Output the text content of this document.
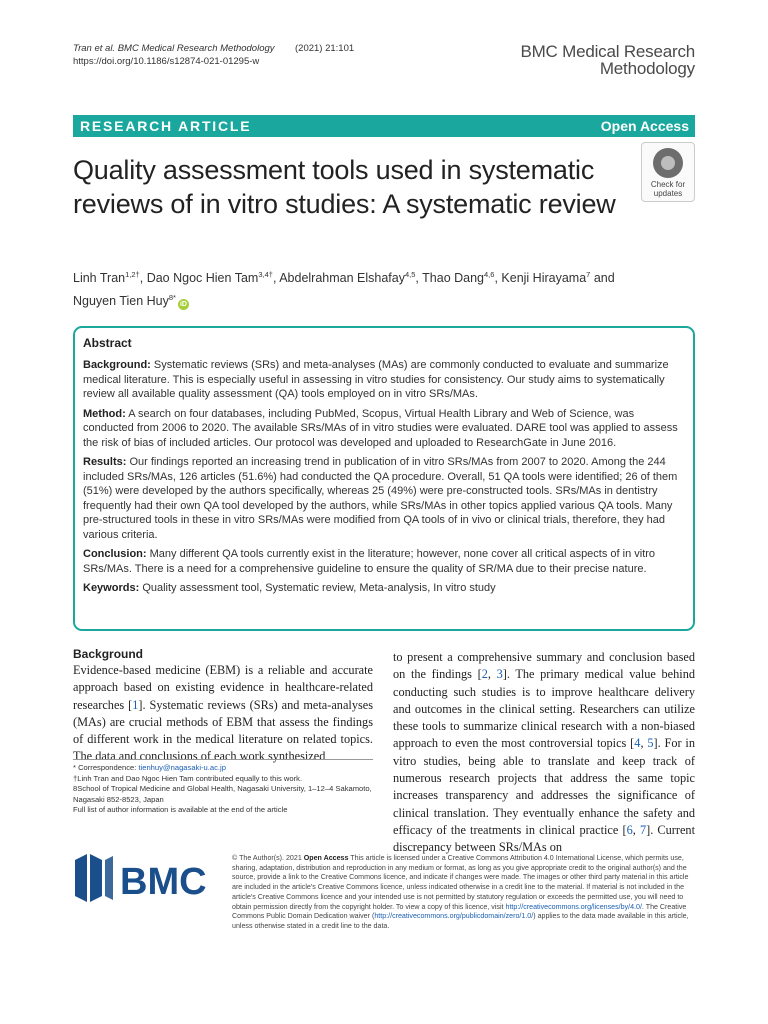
Tran et al. BMC Medical Research Methodology (2021) 21:101
https://doi.org/10.1186/s12874-021-01295-w
BMC Medical Research
Methodology
RESEARCH ARTICLE	Open Access
Quality assessment tools used in systematic reviews of in vitro studies: A systematic review
Check for
updates
Linh Tran$^{1,2\dagger}$, Dao Ngoc Hien Tam$^{3,4\dagger}$, Abdelrahman Elshafay$^{4,5}$, Thao Dang$^{4,6}$, Kenji Hirayama$^7$ and
Nguyen Tien Huy$^{8*}$iD
Abstract

Background: Systematic reviews (SRs) and meta-analyses (MAs) are commonly conducted to evaluate and summarize medical literature. This is especially useful in assessing in vitro studies for consistency. Our study aims to systematically review all available quality assessment (QA) tools employed on in vitro SRs/MAs.

Method: A search on four databases, including PubMed, Scopus, Virtual Health Library and Web of Science, was conducted from 2006 to 2020. The available SRs/MAs of in vitro studies were evaluated. DARE tool was applied to assess the risk of bias of included articles. Our protocol was developed and uploaded to ResearchGate in June 2016.

Results: Our findings reported an increasing trend in publication of in vitro SRs/MAs from 2007 to 2020. Among the 244 included SRs/MAs, 126 articles (51.6%) had conducted the QA procedure. Overall, 51 QA tools were identified; 26 of them (51%) were developed by the authors specifically, whereas 25 (49%) were pre-constructed tools. SRs/MAs in dentistry frequently had their own QA tool developed by the authors, while SRs/MAs in other topics applied various QA tools. Many pre-structured tools in these in vitro SRs/MAs were modified from QA tools of in vivo or clinical trials, therefore, they had various criteria.

Conclusion: Many different QA tools currently exist in the literature; however, none cover all critical aspects of in vitro SRs/MAs. There is a need for a comprehensive guideline to ensure the quality of SR/MA due to their precise nature.

Keywords: Quality assessment tool, Systematic review, Meta-analysis, In vitro study

Background

Evidence-based medicine (EBM) is a reliable and accurate approach based on existing evidence in healthcare-related researches [1]. Systematic reviews (SRs) and meta-analyses (MAs) are crucial methods of EBM that assess the findings of different work in the medical literature on related topics. The data and conclusions of each work synthesized

to present a comprehensive summary and conclusion based on the findings [2, 3]. The primary medical value behind conducting such studies is to improve healthcare delivery and outcomes in the clinical setting. Researchers can utilize these tools to summarize clinical research with a non-biased approach to even the most controversial topics [4, 5]. For in vitro studies, being able to translate and keep track of numerous research projects that address the same topic increases transparency and addresses the significance of clinical translation. They eventually enhance the safety and efficacy of the treatments in clinical practice [6, 7]. Current discrepancy between SRs/MAs on

* Correspondence: tienhuy@nagasaki-u.ac.jp
†Linh Tran and Dao Ngoc Hien Tam contributed equally to this work.
8School of Tropical Medicine and Global Health, Nagasaki University, 1–12–4 Sakamoto, Nagasaki 852-8523, Japan
Full list of author information is available at the end of the article
BMC
© The Author(s). 2021 Open Access This article is licensed under a Creative Commons Attribution 4.0 International License, which permits use, sharing, adaptation, distribution and reproduction in any medium or format, as long as you give appropriate credit to the original author(s) and the source, provide a link to the Creative Commons licence, and indicate if changes were made. The images or other third party material in this article are included in the article's Creative Commons licence, unless indicated otherwise in a credit line to the material. If material is not included in the article's Creative Commons licence and your intended use is not permitted by statutory regulation or exceeds the permitted use, you will need to obtain permission directly from the copyright holder. To view a copy of this licence, visit http://creativecommons.org/licenses/by/4.0/. The Creative Commons Public Domain Dedication waiver (http://creativecommons.org/publicdomain/zero/1.0/) applies to the data made available in this article, unless otherwise stated in a credit line to the data.
